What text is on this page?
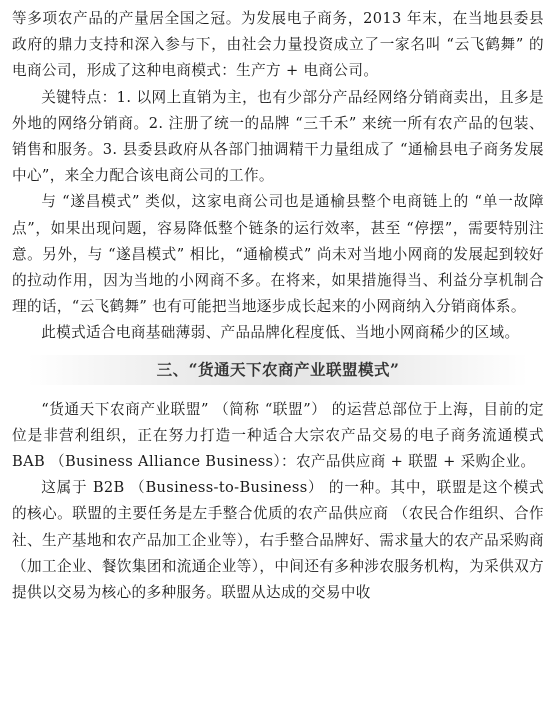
等多项农产品的产量居全国之冠。为发展电子商务，2013 年末，在当地县委县政府的鼎力支持和深入参与下，由社会力量投资成立了一家名叫 “云飞鹤舞” 的电商公司，形成了这种电商模式：生产方 + 电商公司。

关键特点：1. 以网上直销为主，也有少部分产品经网络分销商卖出，且多是外地的网络分销商。2. 注册了统一的品牌 “三千禾” 来统一所有农产品的包装、销售和服务。3. 县委县政府从各部门抽调精干力量组成了 “通榆县电子商务发展中心”，来全力配合该电商公司的工作。

与 “遂昌模式” 类似，这家电商公司也是通榆县整个电商链上的 “单一故障点”，如果出现问题，容易降低整个链条的运行效率，甚至 “停摆”，需要特别注意。另外，与 “遂昌模式” 相比，“通榆模式” 尚未对当地小网商的发展起到较好的拉动作用，因为当地的小网商不多。在将来，如果措施得当、利益分享机制合理的话，“云飞鹤舞” 也有可能把当地逐步成长起来的小网商纳入分销商体系。

此模式适合电商基础薄弱、产品品牌化程度低、当地小网商稀少的区域。

三、“货通天下农商产业联盟模式”

“货通天下农商产业联盟” （简称 “联盟”） 的运营总部位于上海，目前的定位是非营利组织，正在努力打造一种适合大宗农产品交易的电子商务流通模式 BAB （Business Alliance Business）：农产品供应商 + 联盟 + 采购企业。

这属于 B2B （Business-to-Business） 的一种。其中，联盟是这个模式的核心。联盟的主要任务是左手整合优质的农产品供应商 （农民合作组织、合作社、生产基地和农产品加工企业等），右手整合品牌好、需求量大的农产品采购商 （加工企业、餐饮集团和流通企业等），中间还有多种涉农服务机构，为采供双方提供以交易为核心的多种服务。联盟从达成的交易中收
